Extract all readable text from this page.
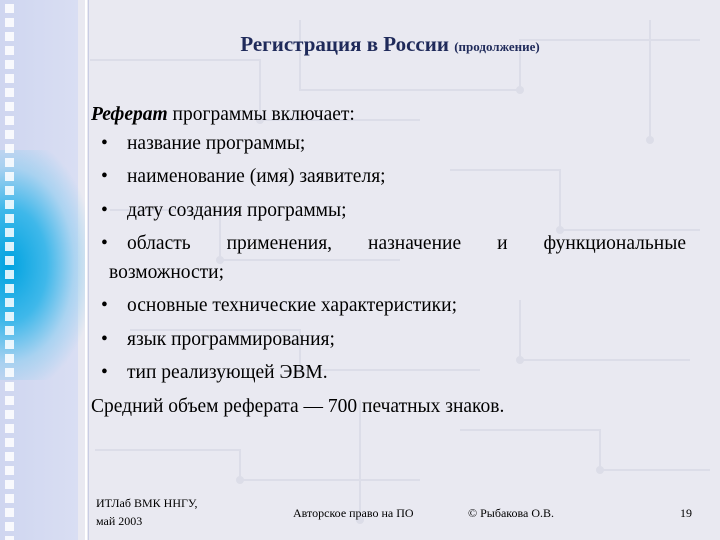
Регистрация в России (продолжение)
Реферат программы включает:
• название программы;
• наименование (имя) заявителя;
• дату создания программы;
• область применения, назначение и функциональные
возможности;
• основные технические характеристики;
• язык программирования;
• тип реализующей ЭВМ.
Средний объем реферата — 700 печатных знаков.
ИТЛаб ВМК ННГУ,
май 2003
Авторское право на ПО	© Рыбакова О.В.	19
